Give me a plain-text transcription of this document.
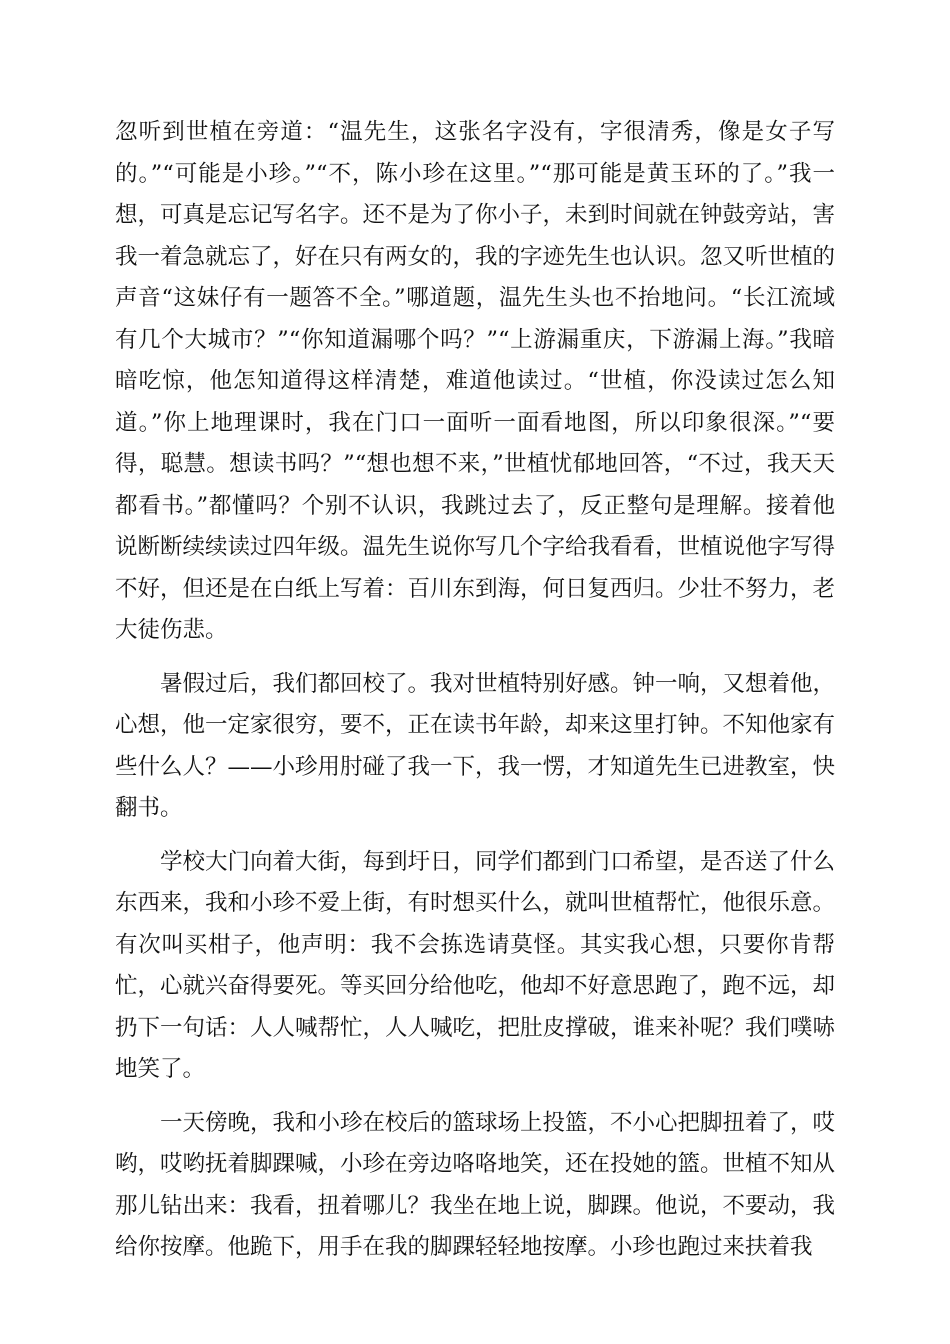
忽听到世植在旁道：“温先生，这张名字没有，字很清秀，像是女子写的。”“可能是小珍。”“不，陈小珍在这里。”“那可能是黄玉环的了。”我一想，可真是忘记写名字。还不是为了你小子，未到时间就在钟鼓旁站，害我一着急就忘了，好在只有两女的，我的字迹先生也认识。忽又听世植的声音“这妹仔有一题答不全。”哪道题，温先生头也不抬地问。“长江流域有几个大城市？”“你知道漏哪个吗？”“上游漏重庆，下游漏上海。”我暗暗吃惊，他怎知道得这样清楚，难道他读过。“世植，你没读过怎么知道。”你上地理课时，我在门口一面听一面看地图，所以印象很深。”“要得，聪慧。想读书吗？”“想也想不来，”世植忧郁地回答，“不过，我天天都看书。”都懂吗？个别不认识，我跳过去了，反正整句是理解。接着他说断断续续读过四年级。温先生说你写几个字给我看看，世植说他字写得不好，但还是在白纸上写着：百川东到海，何日复西归。少壮不努力，老大徒伤悲。

暑假过后，我们都回校了。我对世植特别好感。钟一响，又想着他，心想，他一定家很穷，要不，正在读书年龄，却来这里打钟。不知他家有些什么人？——小珍用肘碰了我一下，我一愣，才知道先生已进教室，快翻书。

学校大门向着大街，每到圩日，同学们都到门口希望，是否送了什么东西来，我和小珍不爱上街，有时想买什么，就叫世植帮忙，他很乐意。有次叫买柑子，他声明：我不会拣选请莫怪。其实我心想，只要你肯帮忙，心就兴奋得要死。等买回分给他吃，他却不好意思跑了，跑不远，却扔下一句话：人人喊帮忙，人人喊吃，把肚皮撑破，谁来补呢？我们噗哧地笑了。

一天傍晚，我和小珍在校后的篮球场上投篮，不小心把脚扭着了，哎哟，哎哟抚着脚踝喊，小珍在旁边咯咯地笑，还在投她的篮。世植不知从那儿钻出来：我看，扭着哪儿？我坐在地上说，脚踝。他说，不要动，我给你按摩。他跪下，用手在我的脚踝轻轻地按摩。小珍也跑过来扶着我
